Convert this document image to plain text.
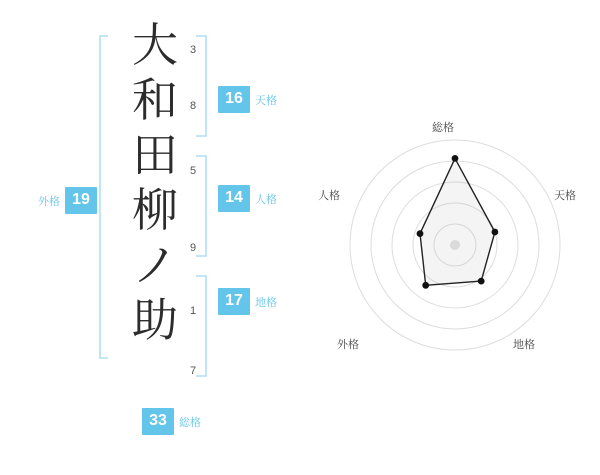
大
和
田
柳
ノ
助
3
8
5
9
1
7
16	天格
14	人格
17	地格
外格 19
33	総格
総格
天格
地格
外格
人格
